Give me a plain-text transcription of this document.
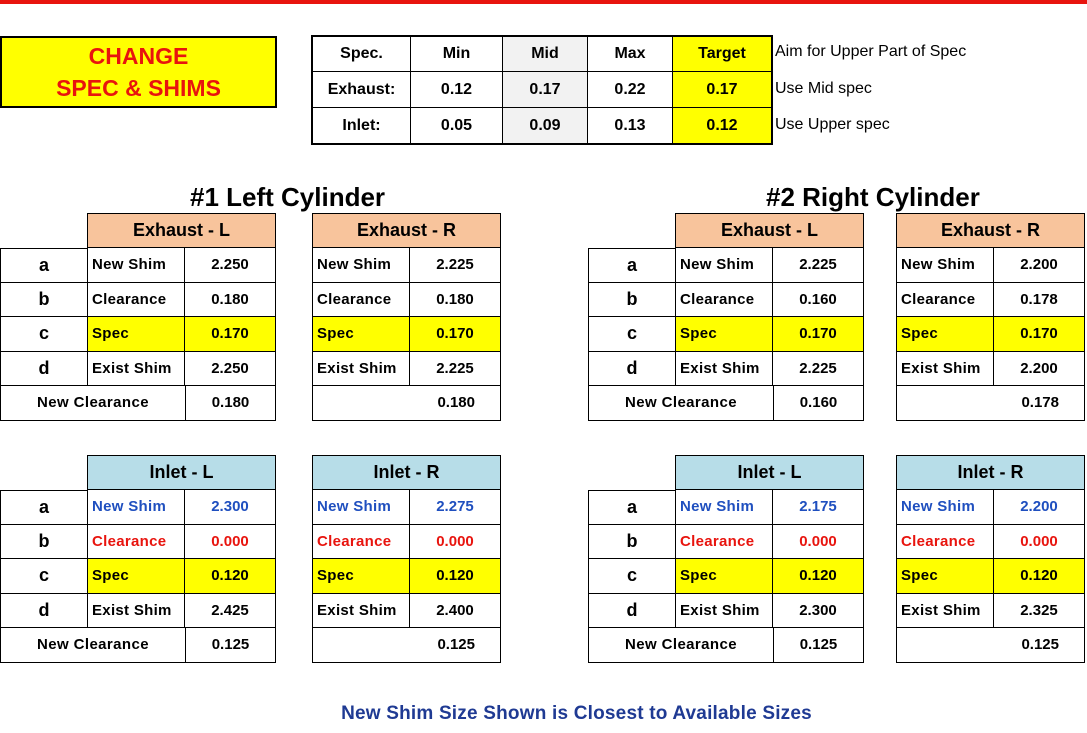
CHANGE
SPEC & SHIMS
Spec.	Min	Mid	Max	Target
Exhaust:	0.12	0.17	0.22	0.17
Inlet:	0.05	0.09	0.13	0.12
Aim for Upper Part of Spec
Use Mid spec
Use Upper spec
#1 Left Cylinder	#2 Right Cylinder
Exhaust - L
a	New Shim	2.250
b	Clearance	0.180
c	Spec	0.170
d	Exist Shim	2.250
New Clearance	0.180
Exhaust - R
New Shim	2.225
Clearance	0.180
Spec	0.170
Exist Shim	2.225
0.180
Exhaust - L
a	New Shim	2.225
b	Clearance	0.160
c	Spec	0.170
d	Exist Shim	2.225
New Clearance	0.160
Exhaust - R
New Shim	2.200
Clearance	0.178
Spec	0.170
Exist Shim	2.200
0.178
Inlet - L
a	New Shim	2.300
b	Clearance	0.000
c	Spec	0.120
d	Exist Shim	2.425
New Clearance	0.125
Inlet - R
New Shim	2.275
Clearance	0.000
Spec	0.120
Exist Shim	2.400
0.125
Inlet - L
a	New Shim	2.175
b	Clearance	0.000
c	Spec	0.120
d	Exist Shim	2.300
New Clearance	0.125
Inlet - R
New Shim	2.200
Clearance	0.000
Spec	0.120
Exist Shim	2.325
0.125
New Shim Size Shown is Closest to Available Sizes
